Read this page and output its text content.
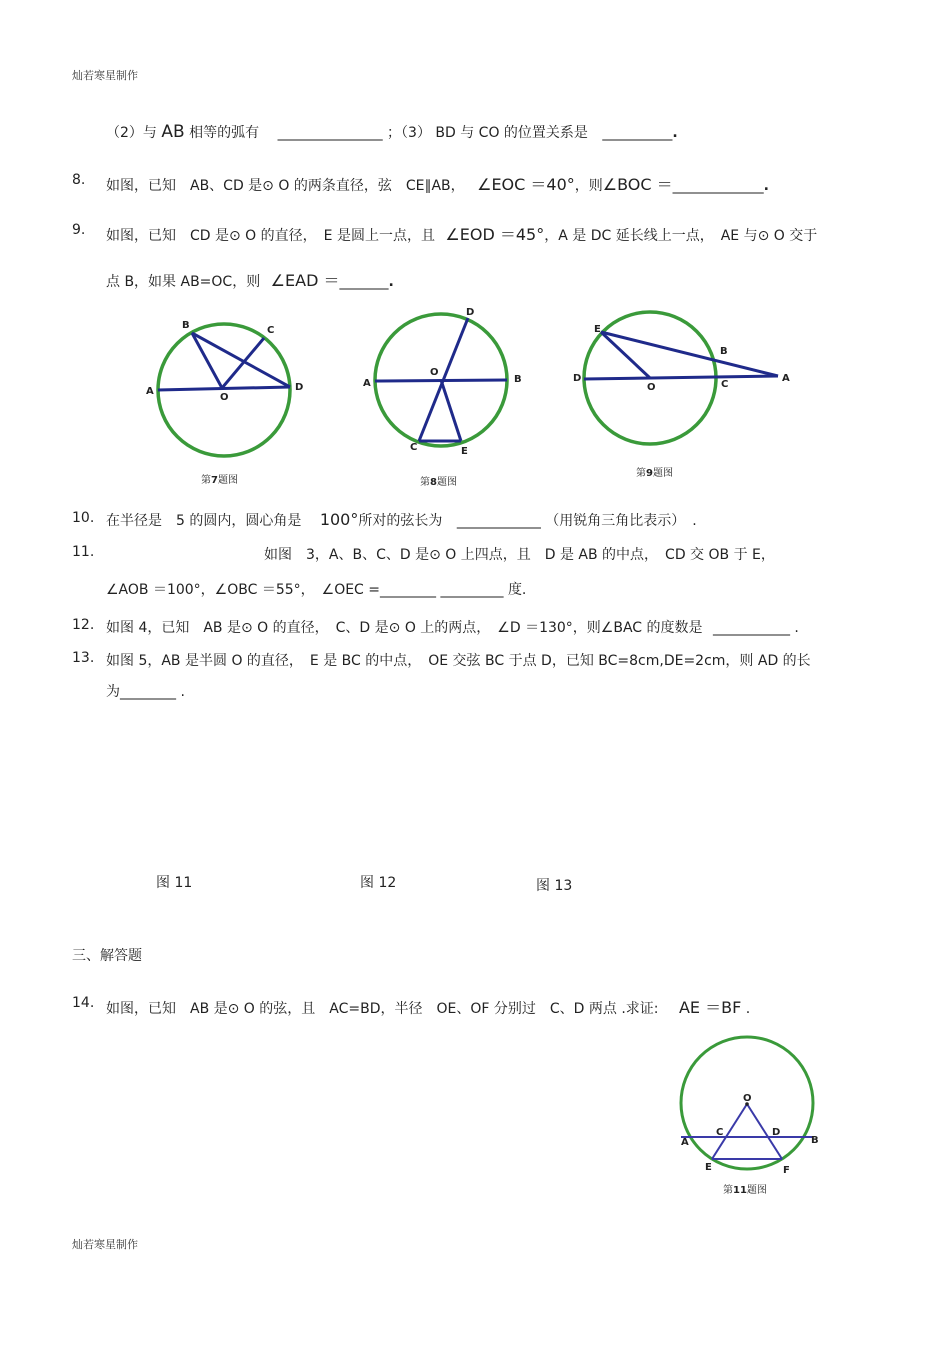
灿若寒星制作
（2）与 AB 相等的弧有 _______________ ；（3） BD 与 CO 的位置关系是 __________.
8. 如图，已知　AB、CD 是⊙ O 的两条直径，弦　CE∥AB， ∠EOC ＝40°，则∠BOC ＝_____________.
9. 如图，已知　CD 是⊙ O 的直径，　E 是圆上一点，且 ∠EOD ＝45°，A 是 DC 延长线上一点，　AE 与⊙ O 交于
点 B，如果 AB=OC，则 ∠EAD ＝_______.
B	C
A
O
D
第7题图
D
O
A	B
C	E
第8题图
E
B
D
O	C
A
第9题图
10. 在半径是　5 的圆内，圆心角是 100°所对的弦长为 ____________ （用锐角三角比表示）　.
11.	如图　3，A、B、C、D 是⊙ O 上四点，且　D 是 AB 的中点，　CD 交 OB 于 E，
∠AOB ＝100°，∠OBC ＝55°，　∠OEC =________ _________ 度.
12. 如图 4，已知　AB 是⊙ O 的直径，　C、D 是⊙ O 上的两点，　∠D ＝130°，则∠BAC 的度数是 ___________ .
13. 如图 5，AB 是半圆 O 的直径，　E 是 BC 的中点，　OE 交弦 BC 于点 D，已知 BC=8cm,DE=2cm，则 AD 的长
为________ .
图 11	图 12	图 13
三、解答题
14. 如图，已知　AB 是⊙ O 的弦，且　AC=BD，半径　OE、OF 分别过　C、D 两点 .求证: AE ＝BF .
O
C	D
A	B
E	F
第11题图
灿若寒星制作
